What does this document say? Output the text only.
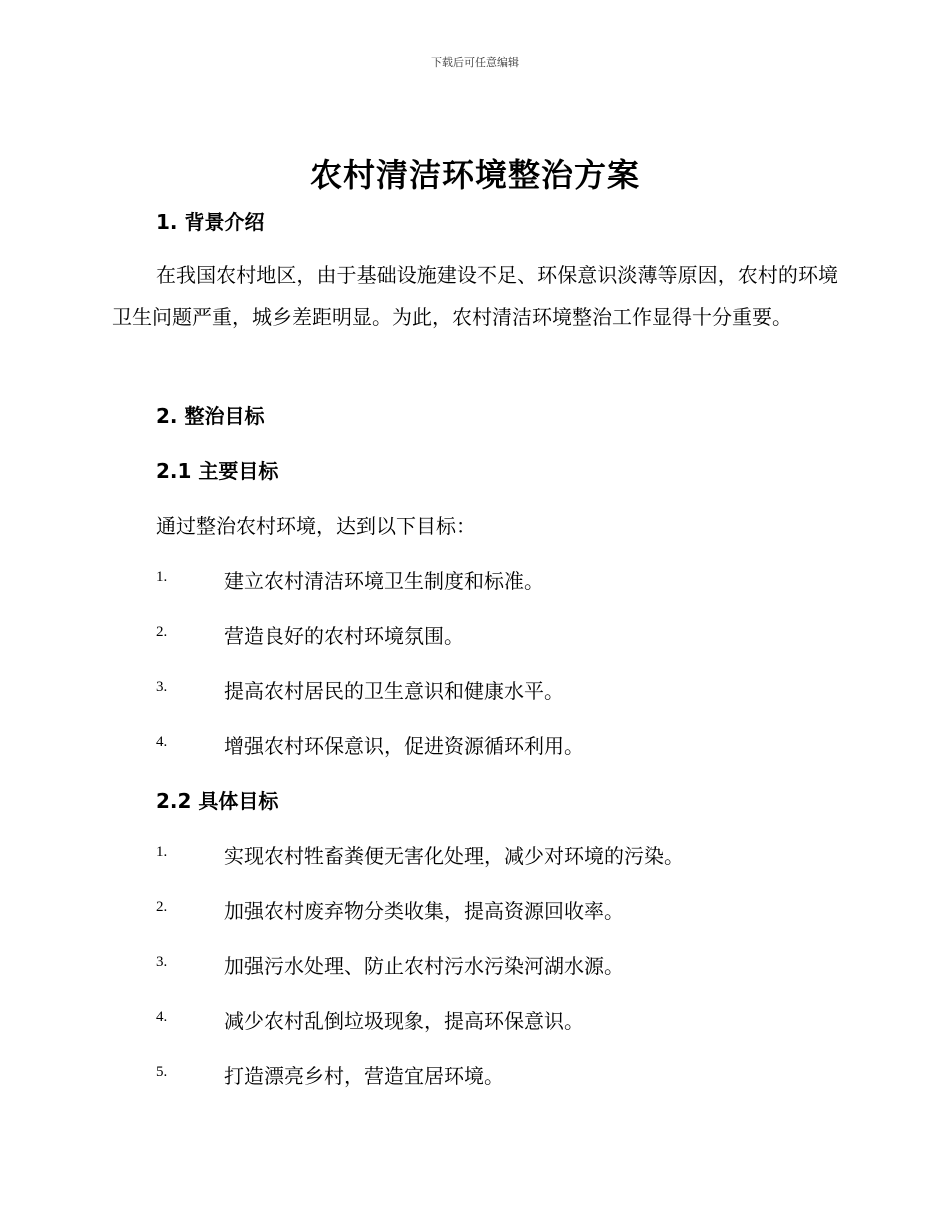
下载后可任意编辑
农村清洁环境整治方案
1. 背景介绍
在我国农村地区，由于基础设施建设不足、环保意识淡薄等原因，农村的环境卫生问题严重，城乡差距明显。为此，农村清洁环境整治工作显得十分重要。
2. 整治目标
2.1 主要目标
通过整治农村环境，达到以下目标：
1.	建立农村清洁环境卫生制度和标准。
2.	营造良好的农村环境氛围。
3.	提高农村居民的卫生意识和健康水平。
4.	增强农村环保意识，促进资源循环利用。
2.2 具体目标
1.	实现农村牲畜粪便无害化处理，减少对环境的污染。
2.	加强农村废弃物分类收集，提高资源回收率。
3.	加强污水处理、防止农村污水污染河湖水源。
4.	减少农村乱倒垃圾现象，提高环保意识。
5.	打造漂亮乡村，营造宜居环境。
